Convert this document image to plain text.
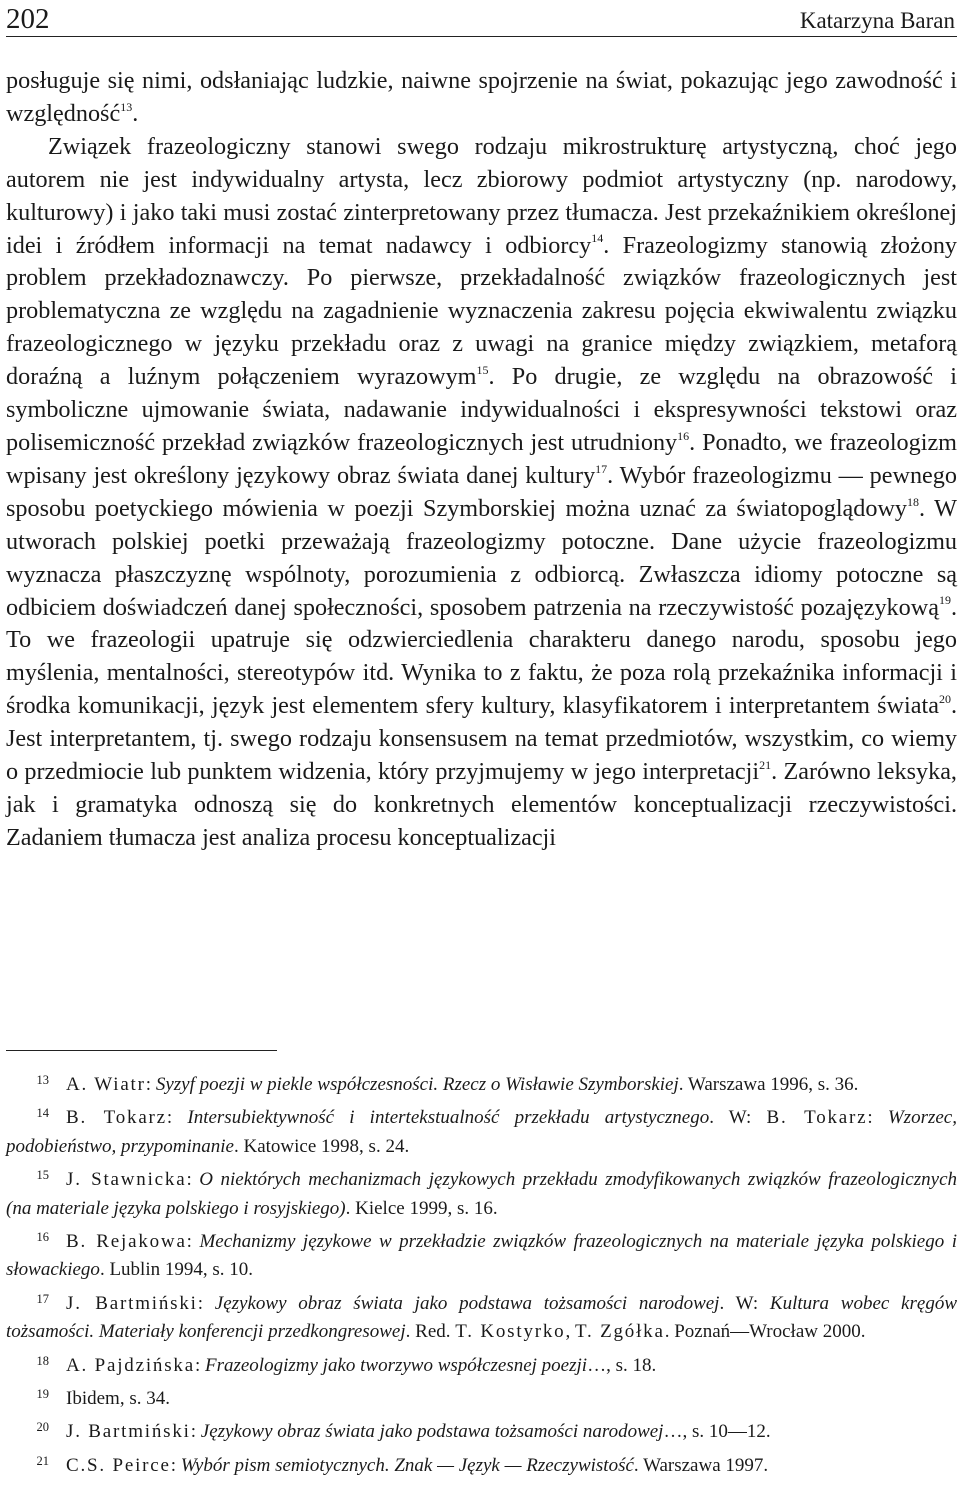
202	Katarzyna Baran

posługuje się nimi, odsłaniając ludzkie, naiwne spojrzenie na świat, pokazując jego zawodność i względność$^{13}$.

Związek frazeologiczny stanowi swego rodzaju mikrostrukturę artystyczną, choć jego autorem nie jest indywidualny artysta, lecz zbiorowy podmiot artystyczny (np. narodowy, kulturowy) i jako taki musi zostać zinterpretowany przez tłumacza. Jest przekaźnikiem określonej idei i źródłem informacji na temat nadawcy i odbiorcy$^{14}$. Frazeologizmy stanowią złożony problem przekładoznawczy. Po pierwsze, przekładalność związków frazeologicznych jest problematyczna ze względu na zagadnienie wyznaczenia zakresu pojęcia ekwiwalentu związku frazeologicznego w języku przekładu oraz z uwagi na granice między związkiem, metaforą doraźną a luźnym połączeniem wyrazowym$^{15}$. Po drugie, ze względu na obrazowość i symboliczne ujmowanie świata, nadawanie indywidualności i ekspresywności tekstowi oraz polisemiczność przekład związków frazeologicznych jest utrudniony$^{16}$. Ponadto, we frazeologizm wpisany jest określony językowy obraz świata danej kultury$^{17}$. Wybór frazeologizmu — pewnego sposobu poetyckiego mówienia w poezji Szymborskiej można uznać za światopoglądowy$^{18}$. W utworach polskiej poetki przeważają frazeologizmy potoczne. Dane użycie frazeologizmu wyznacza płaszczyznę wspólnoty, porozumienia z odbiorcą. Zwłaszcza idiomy potoczne są odbiciem doświadczeń danej społeczności, sposobem patrzenia na rzeczywistość pozajęzykową$^{19}$. To we frazeologii upatruje się odzwierciedlenia charakteru danego narodu, sposobu jego myślenia, mentalności, stereotypów itd. Wynika to z faktu, że poza rolą przekaźnika informacji i środka komunikacji, język jest elementem sfery kultury, klasyfikatorem i interpretantem świata$^{20}$. Jest interpretantem, tj. swego rodzaju konsensusem na temat przedmiotów, wszystkim, co wiemy o przedmiocie lub punktem widzenia, który przyjmujemy w jego interpretacji$^{21}$. Zarówno leksyka, jak i gramatyka odnoszą się do konkretnych elementów konceptualizacji rzeczywistości. Zadaniem tłumacza jest analiza procesu konceptualizacji

13 A. Wiatr: Syzyf poezji w piekle współczesności. Rzecz o Wisławie Szymborskiej. Warszawa 1996, s. 36.

14 B. Tokarz: Intersubiektywność i intertekstualność przekładu artystycznego. W: B. Tokarz: Wzorzec, podobieństwo, przypominanie. Katowice 1998, s. 24.

15 J. Stawnicka: O niektórych mechanizmach językowych przekładu zmodyfikowanych związków frazeologicznych (na materiale języka polskiego i rosyjskiego). Kielce 1999, s. 16.

16 B. Rejakowa: Mechanizmy językowe w przekładzie związków frazeologicznych na materiale języka polskiego i słowackiego. Lublin 1994, s. 10.

17 J. Bartmiński: Językowy obraz świata jako podstawa tożsamości narodowej. W: Kultura wobec kręgów tożsamości. Materiały konferencji przedkongresowej. Red. T. Kostyrko, T. Zgółka. Poznań—Wrocław 2000.

18 A. Pajdzińska: Frazeologizmy jako tworzywo współczesnej poezji…, s. 18.

19 Ibidem, s. 34.

20 J. Bartmiński: Językowy obraz świata jako podstawa tożsamości narodowej…, s. 10—12.

21 C.S. Peirce: Wybór pism semiotycznych. Znak — Język — Rzeczywistość. Warszawa 1997.
